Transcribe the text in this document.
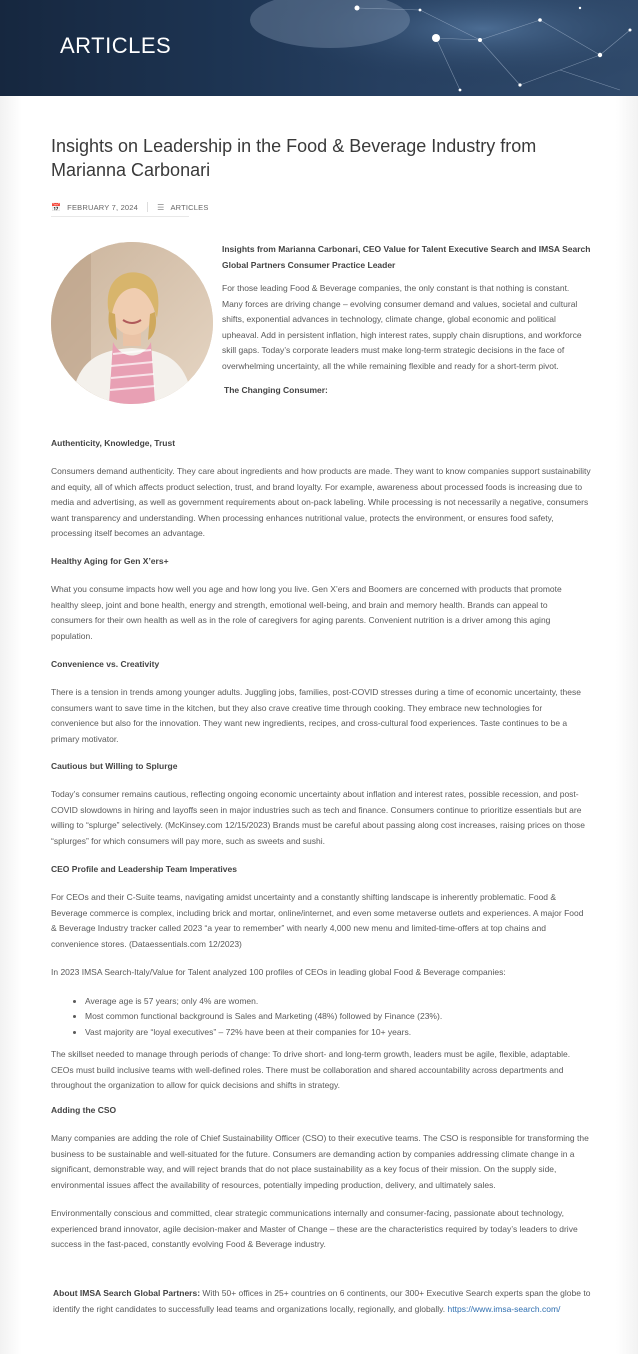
ARTICLES
Insights on Leadership in the Food & Beverage Industry from Marianna Carbonari
📅 FEBRUARY 7, 2024 ☰ ARTICLES

Insights from Marianna Carbonari, CEO Value for Talent Executive Search and IMSA Search Global Partners Consumer Practice Leader

For those leading Food & Beverage companies, the only constant is that nothing is constant. Many forces are driving change – evolving consumer demand and values, societal and cultural shifts, exponential advances in technology, climate change, global economic and political upheaval. Add in persistent inflation, high interest rates, supply chain disruptions, and workforce skill gaps. Today’s corporate leaders must make long-term strategic decisions in the face of overwhelming uncertainty, all the while remaining flexible and ready for a short-term pivot.

The Changing Consumer:

Authenticity, Knowledge, Trust

Consumers demand authenticity. They care about ingredients and how products are made. They want to know companies support sustainability and equity, all of which affects product selection, trust, and brand loyalty. For example, awareness about processed foods is increasing due to media and advertising, as well as government requirements about on-pack labeling. While processing is not necessarily a negative, consumers want transparency and understanding. When processing enhances nutritional value, protects the environment, or ensures food safety, processing itself becomes an advantage.

Healthy Aging for Gen X’ers+

What you consume impacts how well you age and how long you live. Gen X’ers and Boomers are concerned with products that promote healthy sleep, joint and bone health, energy and strength, emotional well-being, and brain and memory health. Brands can appeal to consumers for their own health as well as in the role of caregivers for aging parents. Convenient nutrition is a driver among this aging population.

Convenience vs. Creativity

There is a tension in trends among younger adults. Juggling jobs, families, post-COVID stresses during a time of economic uncertainty, these consumers want to save time in the kitchen, but they also crave creative time through cooking. They embrace new technologies for convenience but also for the innovation. They want new ingredients, recipes, and cross-cultural food experiences. Taste continues to be a primary motivator.

Cautious but Willing to Splurge

Today’s consumer remains cautious, reflecting ongoing economic uncertainty about inflation and interest rates, possible recession, and post-COVID slowdowns in hiring and layoffs seen in major industries such as tech and finance. Consumers continue to prioritize essentials but are willing to “splurge” selectively. (McKinsey.com 12/15/2023) Brands must be careful about passing along cost increases, raising prices on those “splurges” for which consumers will pay more, such as sweets and sushi.

CEO Profile and Leadership Team Imperatives

For CEOs and their C-Suite teams, navigating amidst uncertainty and a constantly shifting landscape is inherently problematic. Food & Beverage commerce is complex, including brick and mortar, online/internet, and even some metaverse outlets and experiences. A major Food & Beverage Industry tracker called 2023 “a year to remember” with nearly 4,000 new menu and limited-time-offers at top chains and convenience stores. (Dataessentials.com 12/2023)

In 2023 IMSA Search-Italy/Value for Talent analyzed 100 profiles of CEOs in leading global Food & Beverage companies:

• Average age is 57 years; only 4% are women.
• Most common functional background is Sales and Marketing (48%) followed by Finance (23%).
• Vast majority are “loyal executives” – 72% have been at their companies for 10+ years.

The skillset needed to manage through periods of change: To drive short- and long-term growth, leaders must be agile, flexible, adaptable. CEOs must build inclusive teams with well-defined roles. There must be collaboration and shared accountability across departments and throughout the organization to allow for quick decisions and shifts in strategy.

Adding the CSO

Many companies are adding the role of Chief Sustainability Officer (CSO) to their executive teams. The CSO is responsible for transforming the business to be sustainable and well-situated for the future. Consumers are demanding action by companies addressing climate change in a significant, demonstrable way, and will reject brands that do not place sustainability as a key focus of their mission. On the supply side, environmental issues affect the availability of resources, potentially impeding production, delivery, and ultimately sales.

Environmentally conscious and committed, clear strategic communications internally and consumer-facing, passionate about technology, experienced brand innovator, agile decision-maker and Master of Change – these are the characteristics required by today’s leaders to drive success in the fast-paced, constantly evolving Food & Beverage industry.

About IMSA Search Global Partners: With 50+ offices in 25+ countries on 6 continents, our 300+ Executive Search experts span the globe to identify the right candidates to successfully lead teams and organizations locally, regionally, and globally. https://www.imsa-search.com/
